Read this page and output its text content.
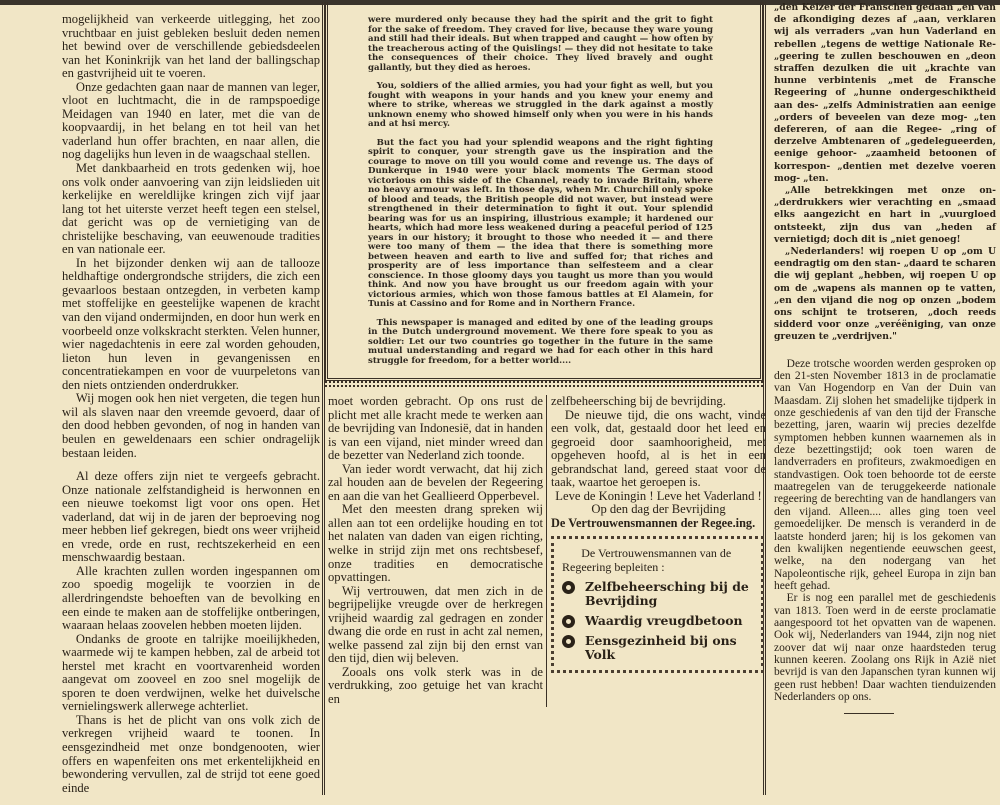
mogelijkheid van verkeerde uitlegging, het zoo vruchtbaar en juist gebleken besluit deden nemen het bewind over de verschillende gebiedsdeelen van het Koninkrijk van het land der ballingschap en gastvrijheid uit te voeren.

Onze gedachten gaan naar de mannen van leger, vloot en luchtmacht, die in de rampspoedige Meidagen van 1940 en later, met die van de koopvaardij, in het belang en tot heil van het vaderland hun offer brachten, en naar allen, die nog dagelijks hun leven in de waagschaal stellen.

Met dankbaarheid en trots gedenken wij, hoe ons volk onder aanvoering van zijn leidslieden uit kerkelijke en wereldlijke kringen zich vijf jaar lang tot het uiterste verzet heeft tegen een stelsel, dat gericht was op de vernietiging van de christelijke beschaving, van eeuwenoude tradities en van nationale eer.

In het bijzonder denken wij aan de tallooze heldhaftige ondergrondsche strijders, die zich een gevaarloos bestaan ontzegden, in verbeten kamp met stoffelijke en geestelijke wapenen de kracht van den vijand ondermijnden, en door hun werk en voorbeeld onze volkskracht sterkten. Velen hunner, wier nagedachtenis in eere zal worden gehouden, lieton hun leven in gevangenissen en concentratiekampen en voor de vuurpeletons van den niets ontzienden onderdrukker.

Wij mogen ook hen niet vergeten, die tegen hun wil als slaven naar den vreemde gevoerd, daar of den dood hebben gevonden, of nog in handen van beulen en geweldenaars een schier ondragelijk bestaan leiden.

Al deze offers zijn niet te vergeefs gebracht. Onze nationale zelfstandigheid is herwonnen en een nieuwe toekomst ligt voor ons open. Het vaderland, dat wij in de jaren der beproeving nog meer hebben lief gekregen, biedt ons weer vrijheid en vrede, orde en rust, rechtszekerheid en een menschwaardig bestaan.

Alle krachten zullen worden ingespannen om zoo spoedig mogelijk te voorzien in de allerdringendste behoeften van de bevolking en een einde te maken aan de stoffelijke ontberingen, waaraan helaas zoovelen hebben moeten lijden.

Ondanks de groote en talrijke moeilijkheden, waarmede wij te kampen hebben, zal de arbeid tot herstel met kracht en voortvarenheid worden aangevat om zooveel en zoo snel mogelijk de sporen te doen verdwijnen, welke het duivelsche vernielingswerk allerwege achterliet.

Thans is het de plicht van ons volk zich de verkregen vrijheid waard te toonen. In eensgezindheid met onze bondgenooten, wier offers en wapenfeiten ons met erkentelijkheid en bewondering vervullen, zal de strijd tot eene goed einde

were murdered only because they had the spirit and the grit to fight for the sake of freedom. They craved for live, because they ware young and still had their ideals. But when trapped and caught — how often by the treacherous acting of the Quislings! — they did not hesitate to take the consequences of their choice. They lived bravely and ought gallantly, but they died as heroes.

You, soldiers of the allied armies, you had your fight as well, but you fought with weapons in your hands and you knew your enemy and where to strike, whereas we struggled in the dark against a mostly unknown enemy who showed himself only when you were in his hands and at hsi mercy.

But the fact you had your splendid weapons and the right fighting spirit to conquer, your strength gave us the inspiration and the courage to move on till you would come and revenge us. The days of Dunkerque in 1940 were your black moments The German stood victorious on this side of the Channel, ready to invade Britain, where no heavy armour was left. In those days, when Mr. Churchill only spoke of blood and teads, the British people did not waver, but instead were strengthened in their determination to fight it out. Your splendid bearing was for us an inspiring, illustrious example; it hardened our hearts, which had more less weakened during a peaceful period of 125 years in our history; it brought to those who needed it — and there were too many of them — the idea that there is something more between heaven and earth to live and suffed for; that riches and prosperity are of less importance than selfesteem and a clear conscience. In those gloomy days you taught us more than you would think. And now you have brought us our freedom again with your victorious armies, which won those famous battles at El Alamein, for Tunis at Cassino and for Rome and in Northern France.

This newspaper is managed and edited by one of the leading groups in the Dutch underground movement. We there fore speak to you as soldier: Let our two countries go together in the future in the same mutual understanding and regard we had for each other in this hard struggle for freedom, for a better world....

moet worden gebracht. Op ons rust de plicht met alle kracht mede te werken aan de bevrijding van Indonesië, dat in handen is van een vijand, niet minder wreed dan de bezetter van Nederland zich toonde.

Van ieder wordt verwacht, dat hij zich zal houden aan de bevelen der Regeering en aan die van het Geallieerd Opperbevel.

Met den meesten drang spreken wij allen aan tot een ordelijke houding en tot het nalaten van daden van eigen richting, welke in strijd zijn met ons rechtsbesef, onze tradities en democratische opvattingen.

Wij vertrouwen, dat men zich in de begrijpelijke vreugde over de herkregen vrijheid waardig zal gedragen en zonder dwang die orde en rust in acht zal nemen, welke passend zal zijn bij den ernst van den tijd, dien wij beleven.

Zooals ons volk sterk was in de verdrukking, zoo getuige het van kracht en

zelfbeheersching bij de bevrijding.

De nieuwe tijd, die ons wacht, vinde een volk, dat, gestaald door het leed en gegroeid door saamhoorigheid, met opgeheven hoofd, al is het in een gebrandschat land, gereed staat voor de taak, waartoe het geroepen is.

Leve de Koningin ! Leve het Vaderland !

Op den dag der Bevrijding

De Vertrouwensmannen der Regee.ing.

De Vertrouwensmannen van de Regeering bepleiten :

Zelfbeheersching bij de Bevrijding
Waardig vreugdbetoon
Eensgezinheid bij ons Volk

„den Keizer der Franschen gedaan „en van de afkondiging dezes af „aan, verklaren wij als verraders „van hun Vaderland en rebellen „tegens de wettige Nationale Re- „geering te zullen beschouwen en „deon straffen dezulken die uit „krachte van hunne verbintenis „met de Fransche Regeering of „hunne ondergeschiktheid aan des- „zelfs Administratien aan eenige „orders of beveelen van deze mog- „ten defereren, of aan die Regee- „ring of derzelve Ambtenaren of „gedelegueerden, eenige gehoor- „zaamheid betoonen of korrespon- „dentien met dezelve voeren mog- „ten.

„Alle betrekkingen met onze on- „derdrukkers wier verachting en „smaad elks aangezicht en hart in „vuurgloed ontsteekt, zijn dus van „heden af vernietigd; doch dit is „niet genoeg!

„Nederlanders! wij roepen U op „om U eendragtig om den stan- „daard te scharen die wij geplant „hebben, wij roepen U op om de „wapens als mannen op te vatten, „en den vijand die nog op onzen „bodem ons schijnt te trotseren, „doch reeds sidderd voor onze „veréëniging, van onze greuzen te „verdrijven."

Deze trotsche woorden werden gesproken op den 21-sten November 1813 in de proclamatie van Van Hogendorp en Van der Duin van Maasdam. Zij slohen het smadelijke tijdperk in onze geschiedenis af van den tijd der Fransche bezetting, jaren, waarin wij precies dezelfde symptomen hebben kunnen waarnemen als in deze bezettingstijd; ook toen waren de landverraders en profiteurs, zwakmoedigen en standvastigen. Ook toen behoorde tot de eerste maatregelen van de teruggekeerde nationale regeering de berechting van de handlangers van den vijand. Alleen.... alles ging toen veel gemoedelijker. De mensch is veranderd in de laatste honderd jaren; hij is los gekomen van den kwalijken negentiende eeuwschen geest, welke, na den nodergang van het Napoleontische rijk, geheel Europa in zijn ban heeft gehad.

Er is nog een parallel met de geschiedenis van 1813. Toen werd in de eerste proclamatie aangespoord tot het opvatten van de wapenen. Ook wij, Nederlanders van 1944, zijn nog niet zoover dat wij naar onze haardsteden terug kunnen keeren. Zoolang ons Rijk in Azië niet bevrijd is van den Japanschen tyran kunnen wij geen rust hebben! Daar wachten tienduizenden Nederlanders op ons.
